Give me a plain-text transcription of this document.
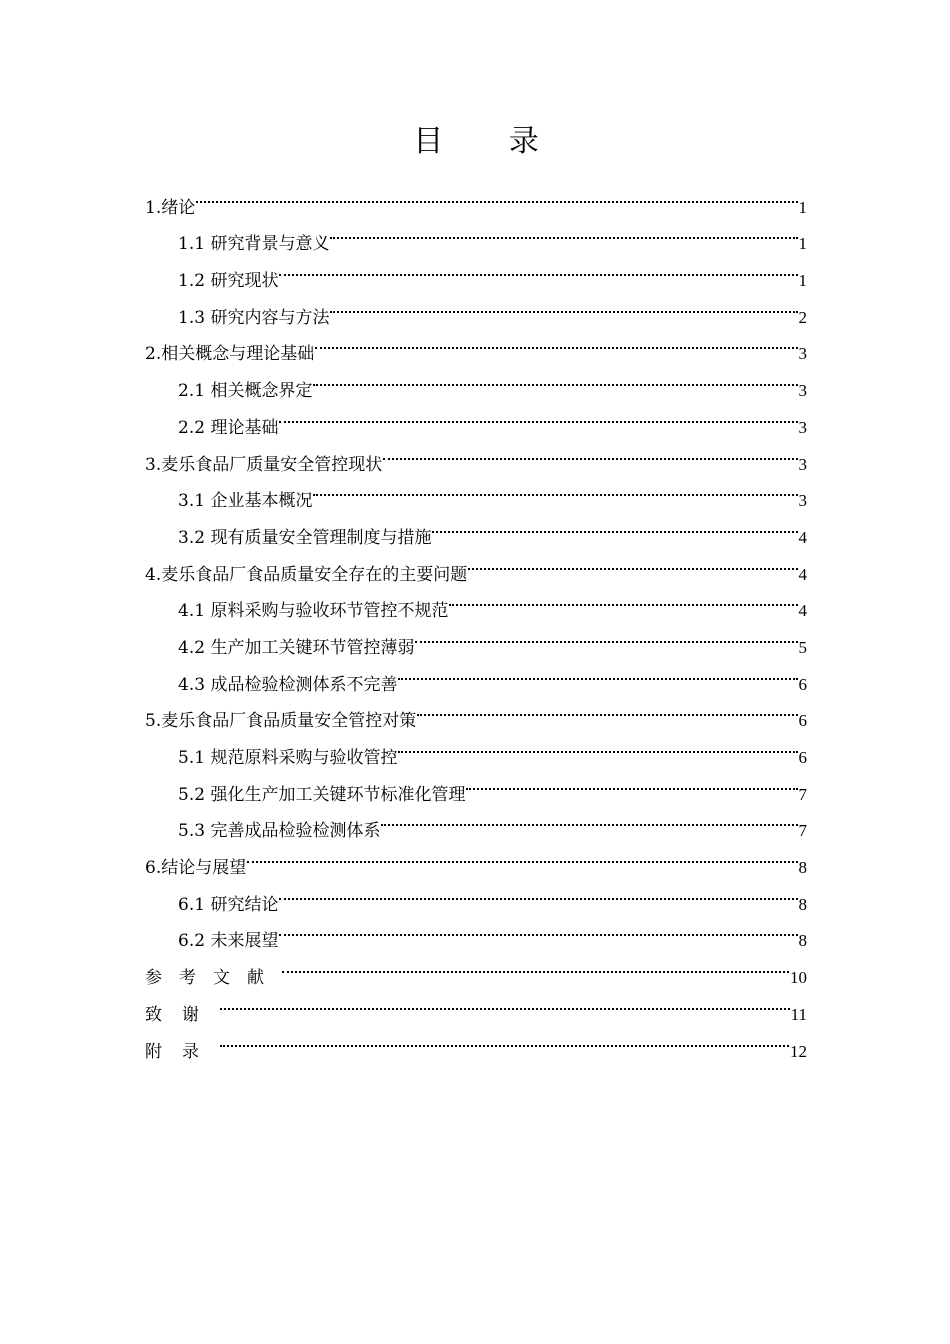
目 录
1.绪论	1
1.1 研究背景与意义	1
1.2 研究现状	1
1.3 研究内容与方法	2
2.相关概念与理论基础	3
2.1 相关概念界定	3
2.2 理论基础	3
3.麦乐食品厂质量安全管控现状	3
3.1 企业基本概况	3
3.2 现有质量安全管理制度与措施	4
4.麦乐食品厂食品质量安全存在的主要问题	4
4.1 原料采购与验收环节管控不规范	4
4.2 生产加工关键环节管控薄弱	5
4.3 成品检验检测体系不完善	6
5.麦乐食品厂食品质量安全管控对策	6
5.1 规范原料采购与验收管控	6
5.2 强化生产加工关键环节标准化管理	7
5.3 完善成品检验检测体系	7
6.结论与展望	8
6.1 研究结论	8
6.2 未来展望	8
参考文献	10
致谢	11
附录	12
